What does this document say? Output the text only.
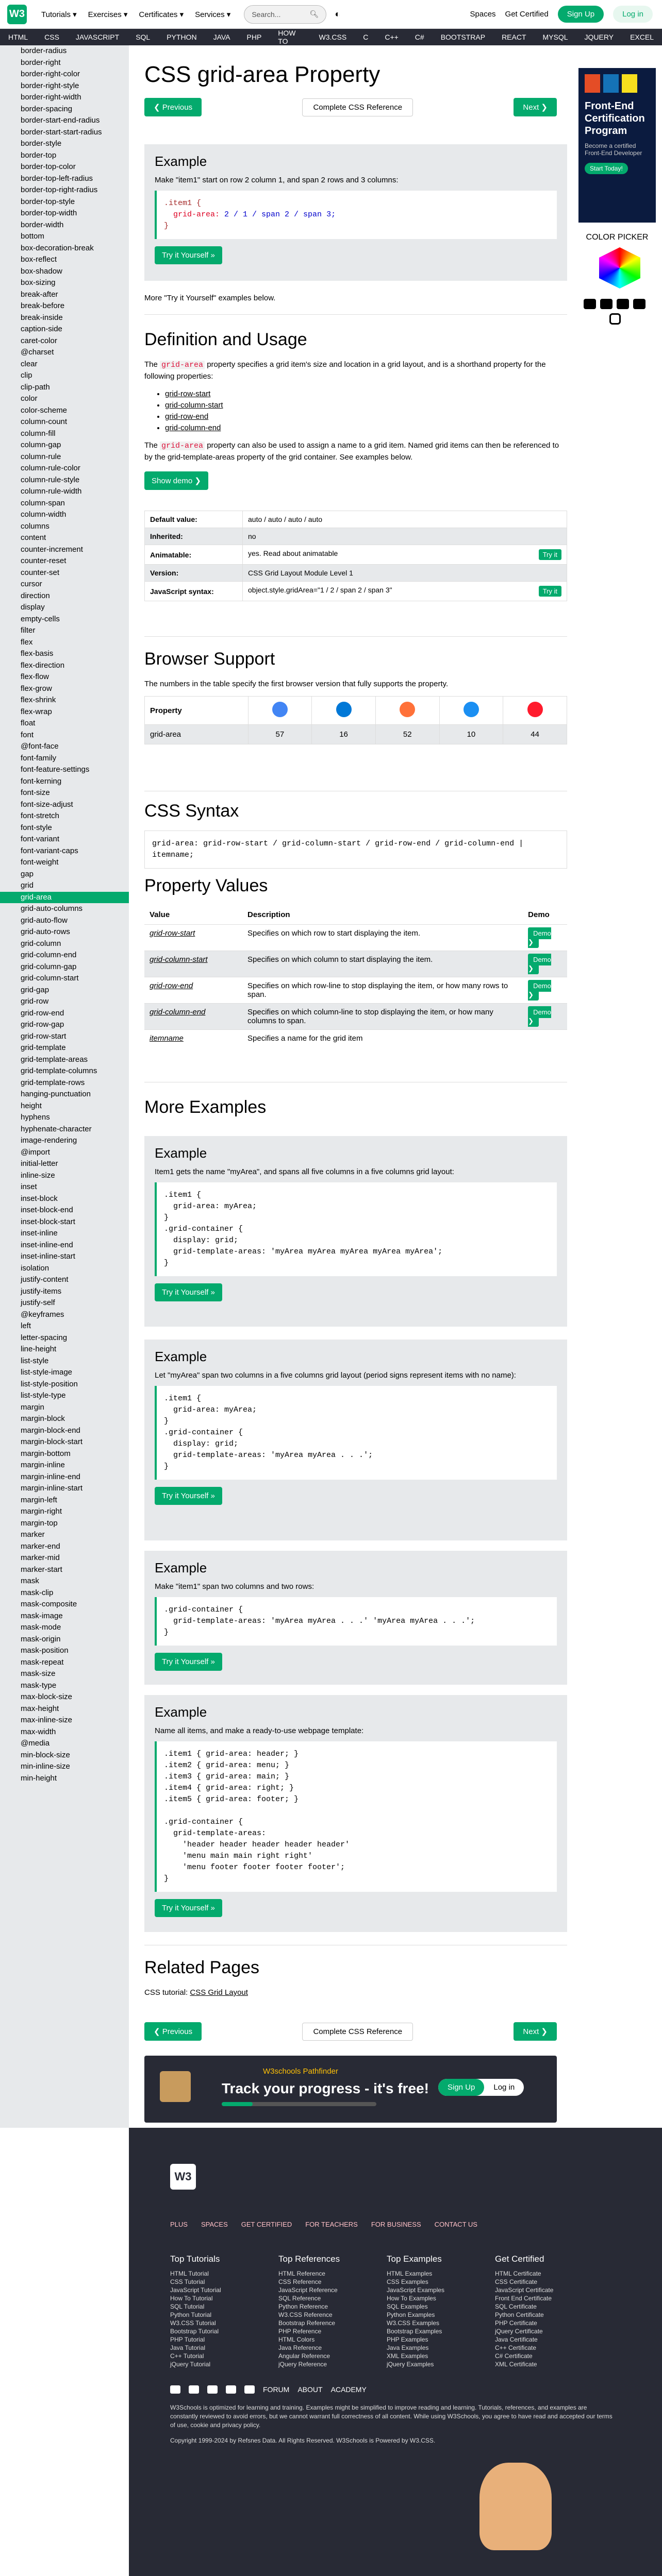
W3 Tutorials ▾ Exercises ▾ Certificates ▾ Services ▾	Search...	🔍︎ ◐	Spaces Get Certified	Sign Up	Log in
HTML	CSS	JAVASCRIPT	SQL	PYTHON	JAVA	PHP	HOW TO	W3.CSS	C	C++	C#	BOOTSTRAP	REACT	MYSQL	JQUERY	EXCEL
border-radius
border-right
border-right-color
border-right-style
border-right-width
border-spacing
border-start-end-radius
border-start-start-radius
border-style
border-top
border-top-color
border-top-left-radius
border-top-right-radius
border-top-style
border-top-width
border-width
bottom
box-decoration-break
box-reflect
box-shadow
box-sizing
break-after
break-before
break-inside
caption-side
caret-color
@charset
clear
clip
clip-path
color
color-scheme
column-count
column-fill
column-gap
column-rule
column-rule-color
column-rule-style
column-rule-width
column-span
column-width
columns
content
counter-increment
counter-reset
counter-set
cursor
direction
display
empty-cells
filter
flex
flex-basis
flex-direction
flex-flow
flex-grow
flex-shrink
flex-wrap
float
font
@font-face
font-family
font-feature-settings
font-kerning
font-size
font-size-adjust
font-stretch
font-style
font-variant
font-variant-caps
font-weight
gap
grid
grid-area
grid-auto-columns
grid-auto-flow
grid-auto-rows
grid-column
grid-column-end
grid-column-gap
grid-column-start
grid-gap
grid-row
grid-row-end
grid-row-gap
grid-row-start
grid-template
grid-template-areas
grid-template-columns
grid-template-rows
hanging-punctuation
height
hyphens
hyphenate-character
image-rendering
@import
initial-letter
inline-size
inset
inset-block
inset-block-end
inset-block-start
inset-inline
inset-inline-end
inset-inline-start
isolation
justify-content
justify-items
justify-self
@keyframes
left
letter-spacing
line-height
list-style
list-style-image
list-style-position
list-style-type
margin
margin-block
margin-block-end
margin-block-start
margin-bottom
margin-inline
margin-inline-end
margin-inline-start
margin-left
margin-right
margin-top
marker
marker-end
marker-mid
marker-start
mask
mask-clip
mask-composite
mask-image
mask-mode
mask-origin
mask-position
mask-repeat
mask-size
mask-type
max-block-size
max-height
max-inline-size
max-width
@media
min-block-size
min-inline-size
min-height
CSS grid-area Property
❮ Previous	Complete CSS Reference	Next ❯
Example

Make "item1" start on row 2 column 1, and span 2 rows and 3 columns:

.item1 {
grid-area: 2 / 1 / span 2 / span 3;
}
Try it Yourself »

More "Try it Yourself" examples below.

Definition and Usage

The grid-area property specifies a grid item's size and location in a grid layout, and is a shorthand property for the following properties:

• grid-row-start
• grid-column-start
• grid-row-end
• grid-column-end

The grid-area property can also be used to assign a name to a grid item. Named grid items can then be referenced to by the grid-template-areas property of the grid container. See examples below.

Show demo ❯
Default value:	auto / auto / auto / auto
Inherited:	no
Animatable:	yes. Read about animatable Try it

Version:	CSS Grid Layout Module Level 1
JavaScript syntax:	object.style.gridArea="1 / 2 / span 2 / span 3" Try it
Browser Support

The numbers in the table specify the first browser version that fully supports the property.

Property					
grid-area	57	16	52	10	44
CSS Syntax
grid-area: grid-row-start / grid-column-start / grid-row-end / grid-column-end | itemname;
Property Values
Value	Description	Demo
grid-row-start	Specifies on which row to start displaying the item.	Demo ❯
grid-column-start	Specifies on which column to start displaying the item.	Demo ❯
grid-row-end	Specifies on which row-line to stop displaying the item, or how many rows to span.	Demo ❯
grid-column-end	Specifies on which column-line to stop displaying the item, or how many columns to span.	Demo ❯
itemname	Specifies a name for the grid item	
More Examples
Example

Item1 gets the name "myArea", and spans all five columns in a five columns grid layout:

.item1 {
grid-area: myArea;
}
.grid-container {
display: grid;
grid-template-areas: 'myArea myArea myArea myArea myArea';
}
Try it Yourself »
Example

Let "myArea" span two columns in a five columns grid layout (period signs represent items with no name):

.item1 {
grid-area: myArea;
}
.grid-container {
display: grid;
grid-template-areas: 'myArea myArea . . .';
}
Try it Yourself »
Example

Make "item1" span two columns and two rows:

.grid-container {
grid-template-areas: 'myArea myArea . . .' 'myArea myArea . . .';
}
Try it Yourself »
Example

Name all items, and make a ready-to-use webpage template:

.item1 { grid-area: header; }
.item2 { grid-area: menu; }
.item3 { grid-area: main; }
.item4 { grid-area: right; }
.item5 { grid-area: footer; }

.grid-container {
grid-template-areas:
'header header header header header'
'menu main main right right'
'menu footer footer footer footer';
}
Try it Yourself »
Related Pages

CSS tutorial: CSS Grid Layout

❮ Previous	Complete CSS Reference	Next ❯
W3schools Pathfinder
Track your progress - it's free!	Sign Up	Log in
Front-End Certification Program
Become a certified Front-End Developer
Start Today!
COLOR PICKER
W3
PLUS SPACES GET CERTIFIED FOR TEACHERS FOR BUSINESS CONTACT US
Top Tutorials
HTML Tutorial
CSS Tutorial
JavaScript Tutorial
How To Tutorial
SQL Tutorial
Python Tutorial
W3.CSS Tutorial
Bootstrap Tutorial
PHP Tutorial
Java Tutorial
C++ Tutorial
jQuery Tutorial
Top References
HTML Reference
CSS Reference
JavaScript Reference
SQL Reference
Python Reference
W3.CSS Reference
Bootstrap Reference
PHP Reference
HTML Colors
Java Reference
Angular Reference
jQuery Reference
Top Examples
HTML Examples
CSS Examples
JavaScript Examples
How To Examples
SQL Examples
Python Examples
W3.CSS Examples
Bootstrap Examples
PHP Examples
Java Examples
XML Examples
jQuery Examples
Get Certified
HTML Certificate
CSS Certificate
JavaScript Certificate
Front End Certificate
SQL Certificate
Python Certificate
PHP Certificate
jQuery Certificate
Java Certificate
C++ Certificate
C# Certificate
XML Certificate
FORUM ABOUT ACADEMY

W3Schools is optimized for learning and training. Examples might be simplified to improve reading and learning. Tutorials, references, and examples are constantly reviewed to avoid errors, but we cannot warrant full correctness of all content. While using W3Schools, you agree to have read and accepted our terms of use, cookie and privacy policy.

Copyright 1999-2024 by Refsnes Data. All Rights Reserved. W3Schools is Powered by W3.CSS.
